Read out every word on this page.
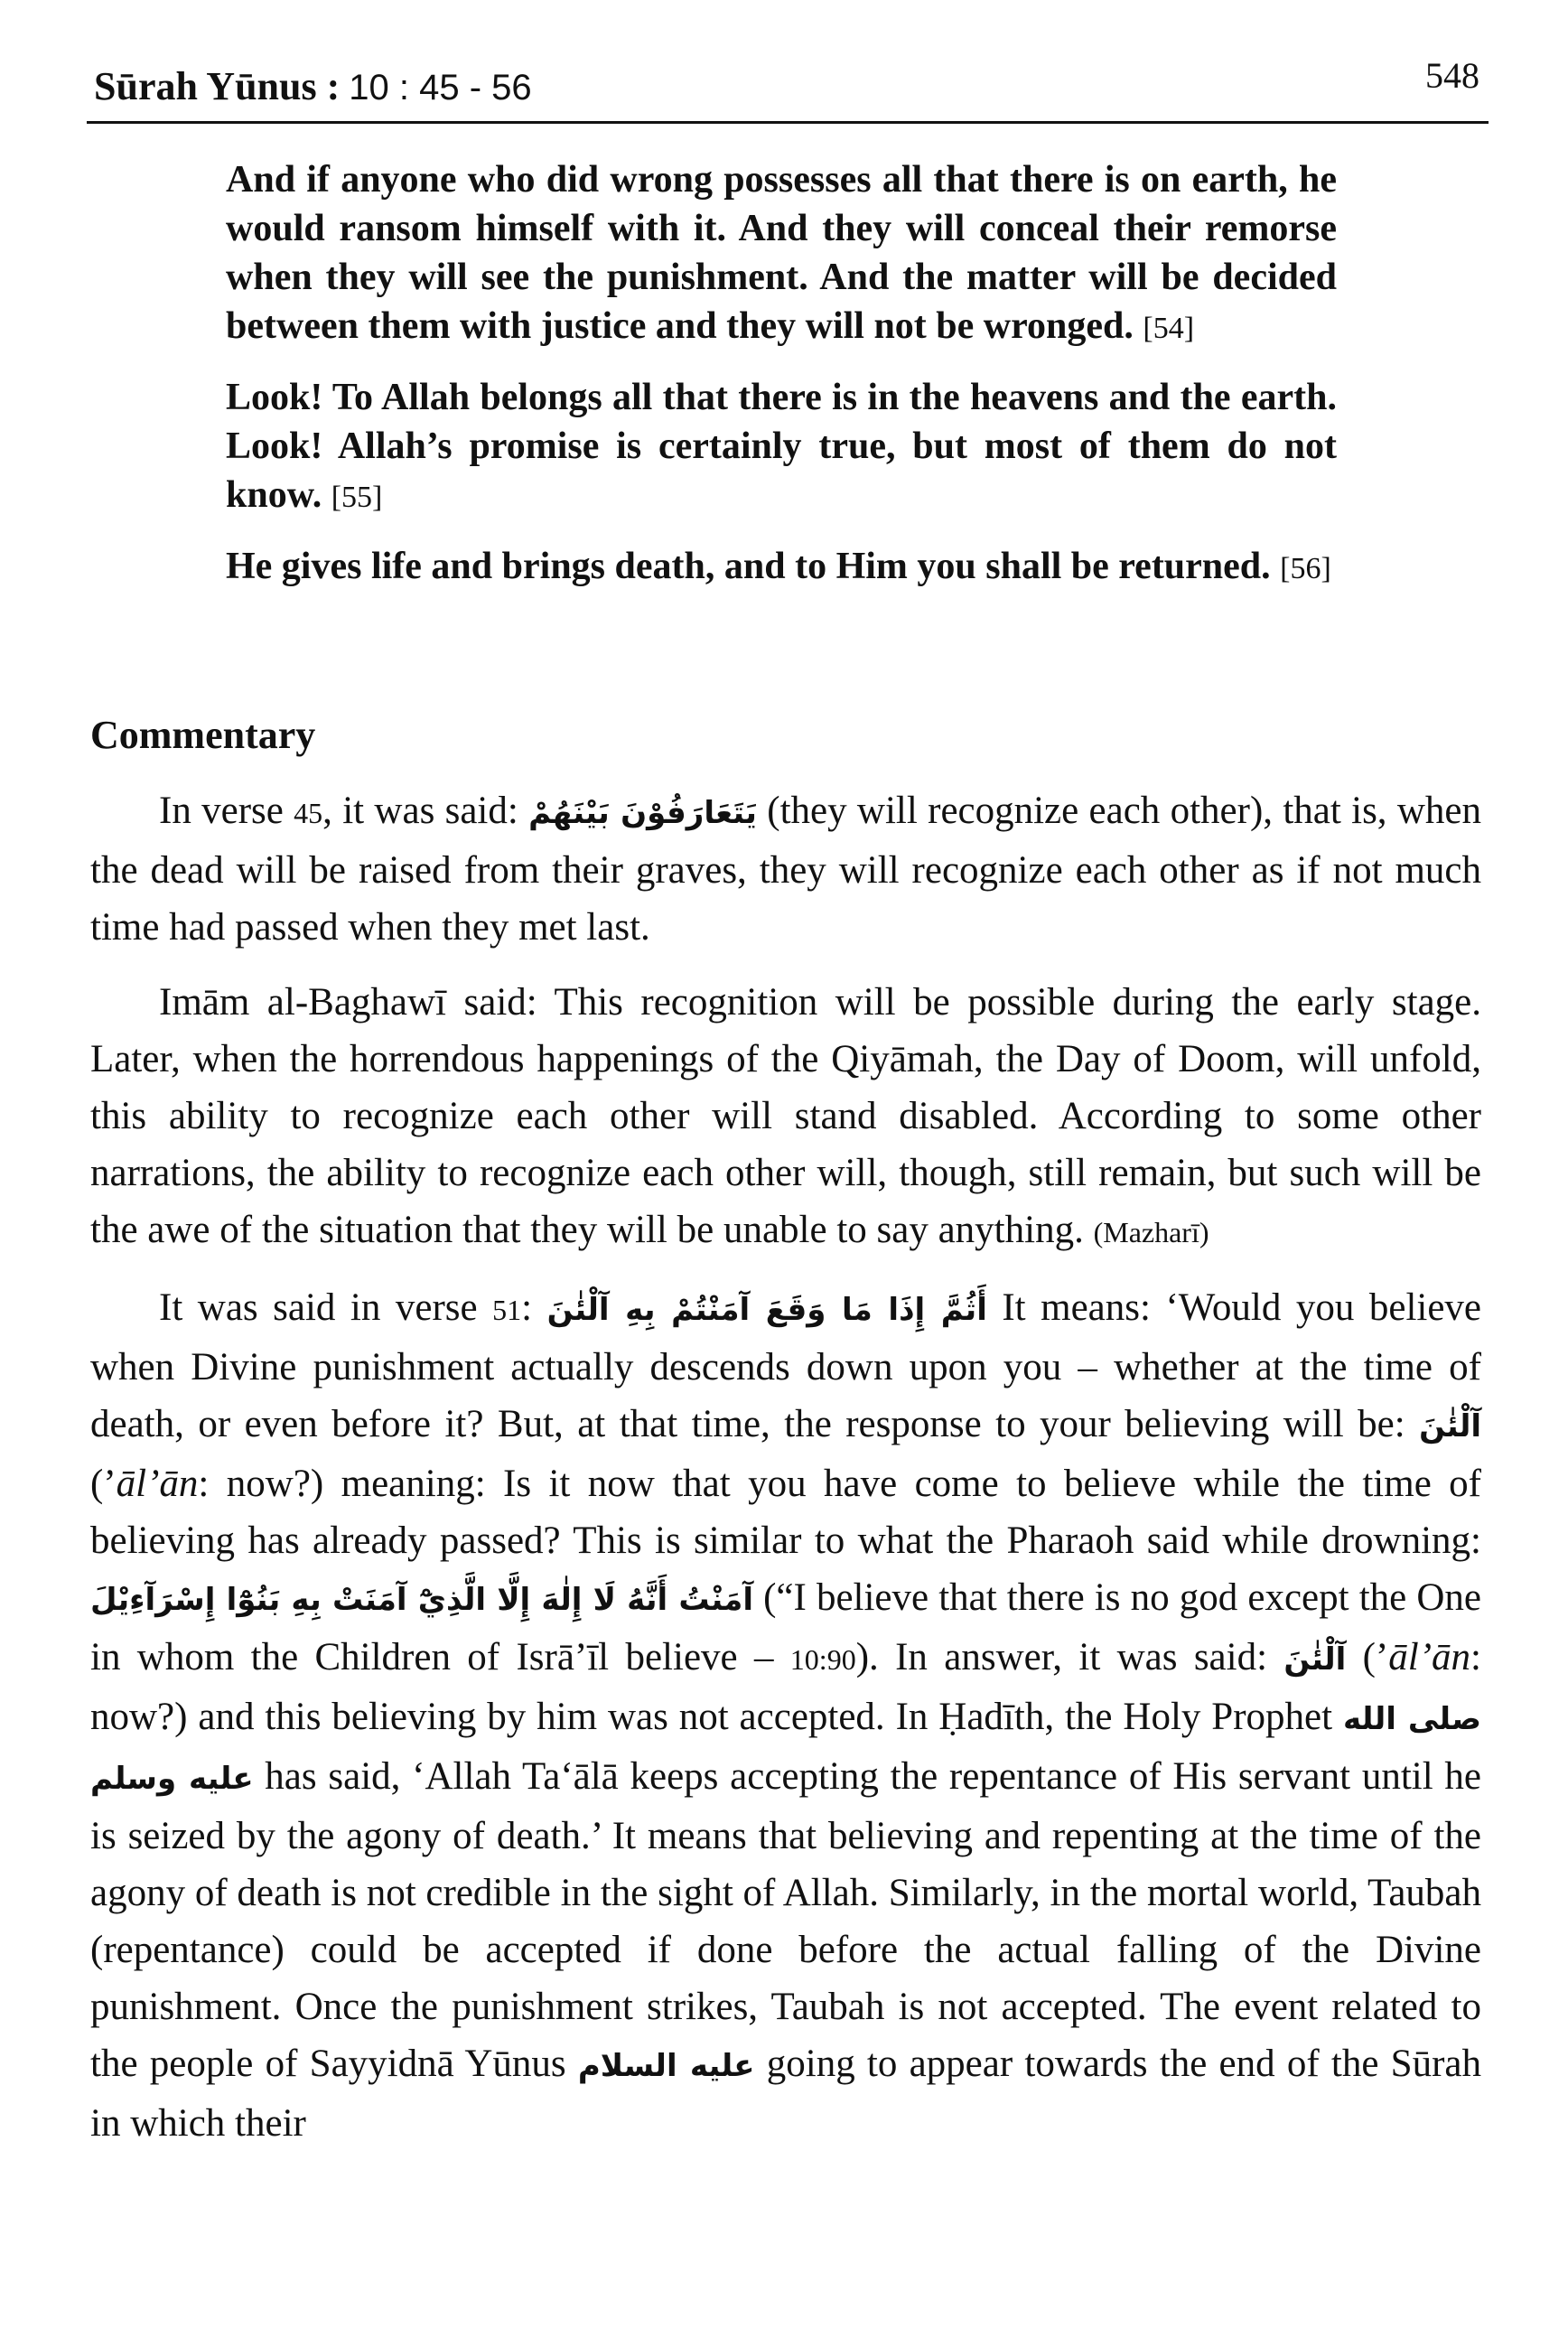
Sūrah Yūnus : 10 : 45 - 56	548

And if anyone who did wrong possesses all that there is on earth, he would ransom himself with it. And they will conceal their remorse when they will see the punishment. And the matter will be decided between them with justice and they will not be wronged. [54]

Look! To Allah belongs all that there is in the heavens and the earth. Look! Allah’s promise is certainly true, but most of them do not know. [55]

He gives life and brings death, and to Him you shall be returned. [56]

Commentary

In verse 45, it was said: يَتَعَارَفُوْنَ بَيْنَهُمْ (they will recognize each other), that is, when the dead will be raised from their graves, they will recognize each other as if not much time had passed when they met last.

Imām al-Baghawī said: This recognition will be possible during the early stage. Later, when the horrendous happenings of the Qiyāmah, the Day of Doom, will unfold, this ability to recognize each other will stand disabled. According to some other narrations, the ability to recognize each other will, though, still remain, but such will be the awe of the situation that they will be unable to say anything. (Mazharī)

It was said in verse 51: أَثُمَّ إِذَا مَا وَقَعَ آمَنْتُمْ بِهِ آلْئٰنَ It means: ‘Would you believe when Divine punishment actually descends down upon you – whether at the time of death, or even before it? But, at that time, the response to your believing will be: آلْئٰنَ (’āl’ān: now?) meaning: Is it now that you have come to believe while the time of believing has already passed? This is similar to what the Pharaoh said while drowning: آمَنْتُ أَنَّهُ لَا إِلٰهَ إِلَّا الَّذِيْٓ آمَنَتْ بِهِ بَنُوْٓا إِسْرَآءِيْلَ (“I believe that there is no god except the One in whom the Children of Isrā’īl believe – 10:90). In answer, it was said: آلْئٰنَ (’āl’ān: now?) and this believing by him was not accepted. In Ḥadīth, the Holy Prophet صلى الله عليه وسلم has said, ‘Allah Ta‘ālā keeps accepting the repentance of His servant until he is seized by the agony of death.’ It means that believing and repenting at the time of the agony of death is not credible in the sight of Allah. Similarly, in the mortal world, Taubah (repentance) could be accepted if done before the actual falling of the Divine punishment. Once the punishment strikes, Taubah is not accepted. The event related to the people of Sayyidnā Yūnus عليه السلام going to appear towards the end of the Sūrah in which their
